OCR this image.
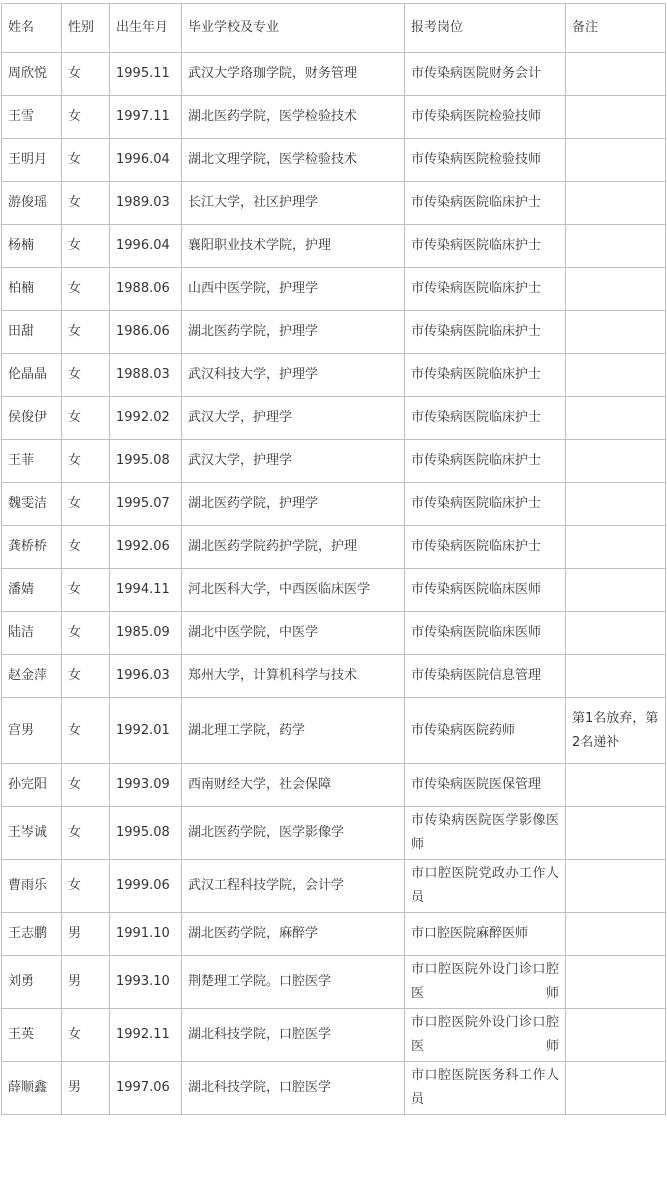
姓名	性别	出生年月	毕业学校及专业	报考岗位	备注
周欣悦	女	1995.11	武汉大学珞珈学院，财务管理	市传染病医院财务会计	
王雪	女	1997.11	湖北医药学院，医学检验技术	市传染病医院检验技师	
王明月	女	1996.04	湖北文理学院，医学检验技术	市传染病医院检验技师	
游俊瑶	女	1989.03	长江大学，社区护理学	市传染病医院临床护士	
杨楠	女	1996.04	襄阳职业技术学院，护理	市传染病医院临床护士	
柏楠	女	1988.06	山西中医学院，护理学	市传染病医院临床护士	
田甜	女	1986.06	湖北医药学院，护理学	市传染病医院临床护士	
伦晶晶	女	1988.03	武汉科技大学，护理学	市传染病医院临床护士	
侯俊伊	女	1992.02	武汉大学，护理学	市传染病医院临床护士	
王菲	女	1995.08	武汉大学，护理学	市传染病医院临床护士	
魏雯洁	女	1995.07	湖北医药学院，护理学	市传染病医院临床护士	
龚桥桥	女	1992.06	湖北医药学院药护学院，护理	市传染病医院临床护士	
潘婧	女	1994.11	河北医科大学，中西医临床医学	市传染病医院临床医师	
陆洁	女	1985.09	湖北中医学院，中医学	市传染病医院临床医师	
赵金萍	女	1996.03	郑州大学，计算机科学与技术	市传染病医院信息管理	
宫男	女	1992.01	湖北理工学院，药学	市传染病医院药师	第1名放弃，第2名递补
孙完阳	女	1993.09	西南财经大学，社会保障	市传染病医院医保管理	
王岑诚	女	1995.08	湖北医药学院，医学影像学	市传染病医院医学影像医师	
曹雨乐	女	1999.06	武汉工程科技学院，会计学	市口腔医院党政办工作人员	
王志鹏	男	1991.10	湖北医药学院，麻醉学	市口腔医院麻醉医师	
刘勇	男	1993.10	荆楚理工学院。口腔医学	市口腔医院外设门诊口腔医师	
王英	女	1992.11	湖北科技学院，口腔医学	市口腔医院外设门诊口腔医师	
薛顺鑫	男	1997.06	湖北科技学院，口腔医学	市口腔医院医务科工作人员	
